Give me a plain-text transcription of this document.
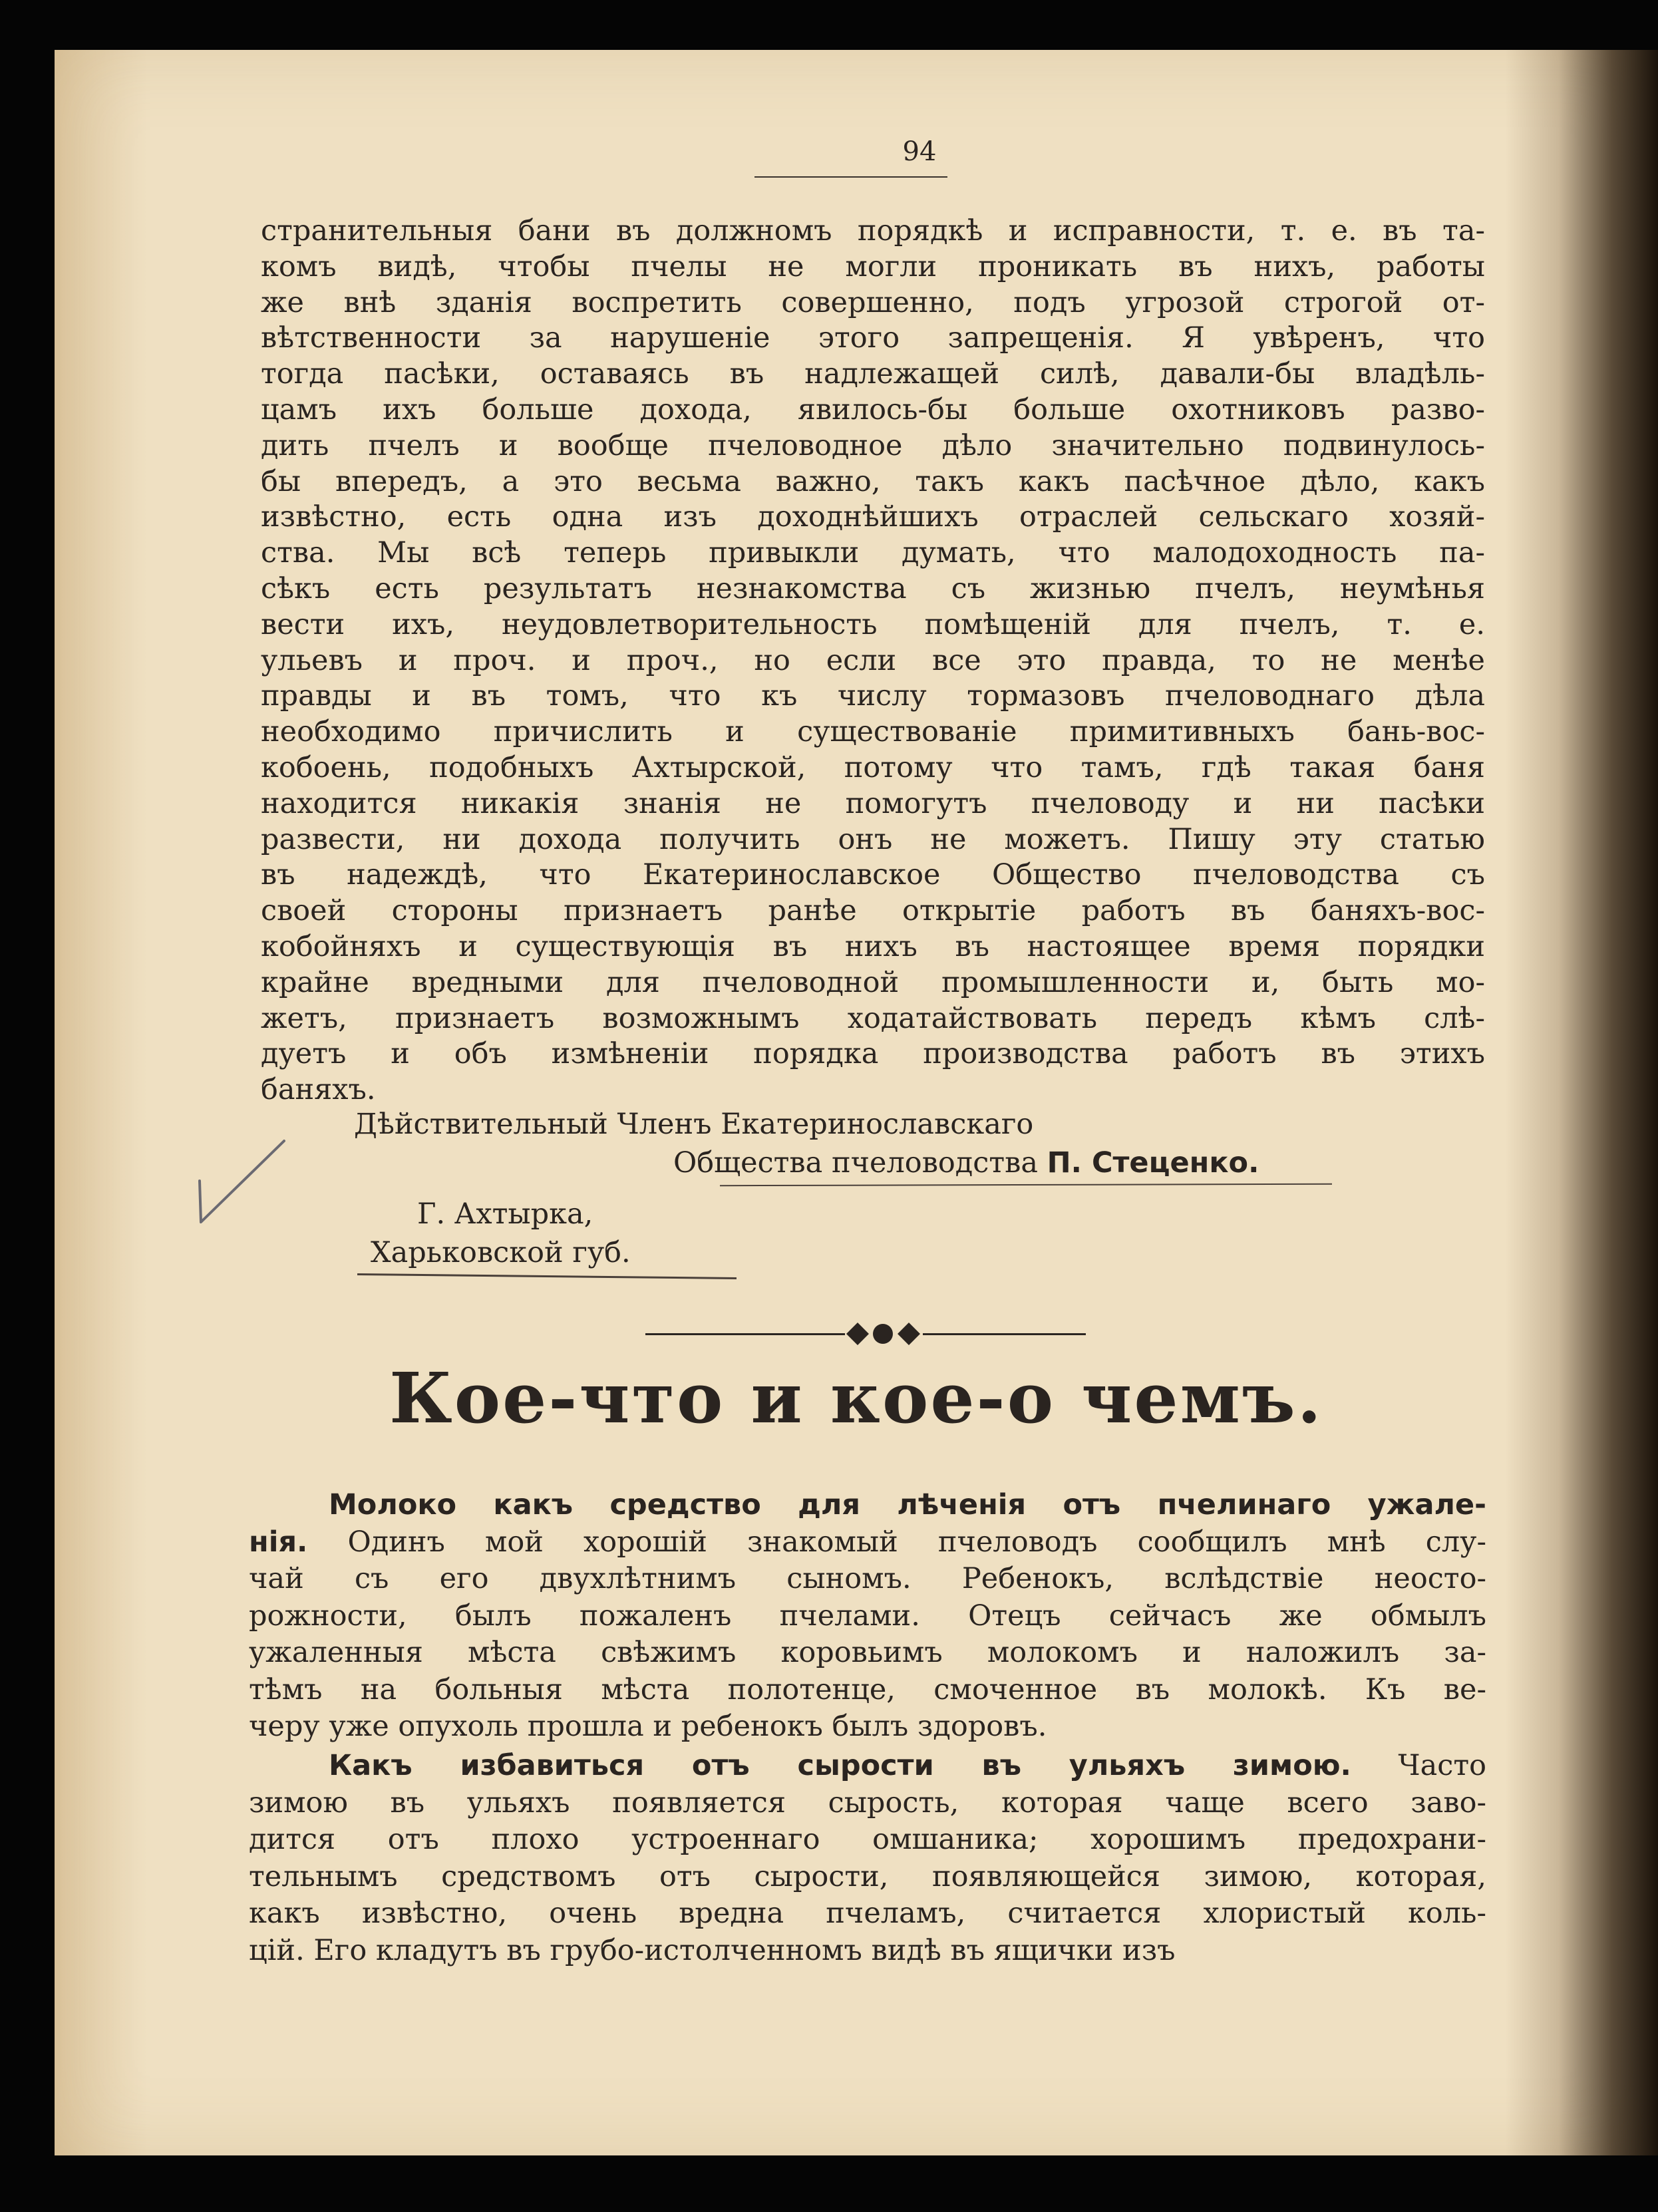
94
странительныя бани въ должномъ порядкѣ и исправности, т. е. въ та-
комъ видѣ, чтобы пчелы не могли проникать въ нихъ, работы
же внѣ зданія воспретить совершенно, подъ угрозой строгой от-
вѣтственности за нарушеніе этого запрещенія. Я увѣренъ, что
тогда пасѣки, оставаясь въ надлежащей силѣ, давали-бы владѣль-
цамъ ихъ больше дохода, явилось-бы больше охотниковъ разво-
дить пчелъ и вообще пчеловодное дѣло значительно подвинулось-
бы впередъ, а это весьма важно, такъ какъ пасѣчное дѣло, какъ
извѣстно, есть одна изъ доходнѣйшихъ отраслей сельскаго хозяй-
ства. Мы всѣ теперь привыкли думать, что малодоходность па-
сѣкъ есть результатъ незнакомства съ жизнью пчелъ, неумѣнья
вести ихъ, неудовлетворительность помѣщеній для пчелъ, т. е.
ульевъ и проч. и проч., но если все это правда, то не менѣе
правды и въ томъ, что къ числу тормазовъ пчеловоднаго дѣла
необходимо причислить и существованіе примитивныхъ бань-вос-
кобоень, подобныхъ Ахтырской, потому что тамъ, гдѣ такая баня
находится никакія знанія не помогутъ пчеловоду и ни пасѣки
развести, ни дохода получить онъ не можетъ. Пишу эту статью
въ надеждѣ, что Екатеринославское Общество пчеловодства съ
своей стороны признаетъ ранѣе открытіе работъ въ баняхъ-вос-
кобойняхъ и существующія въ нихъ въ настоящее время порядки
крайне вредными для пчеловодной промышленности и, быть мо-
жетъ, признаетъ возможнымъ ходатайствовать передъ кѣмъ слѣ-
дуетъ и объ измѣненіи порядка производства работъ въ этихъ
баняхъ.
Дѣйствительный Членъ Екатеринославскаго
Общества пчеловодства П. Стеценко.
Г. Ахтырка,
Харьковской губ.
Кое-что и кое-о чемъ.
Молоко какъ средство для лѣченія отъ пчелинаго ужале-
нія. Одинъ мой хорошій знакомый пчеловодъ сообщилъ мнѣ слу-
чай съ его двухлѣтнимъ сыномъ. Ребенокъ, вслѣдствіе неосто-
рожности, былъ пожаленъ пчелами. Отецъ сейчасъ же обмылъ
ужаленныя мѣста свѣжимъ коровьимъ молокомъ и наложилъ за-
тѣмъ на больныя мѣста полотенце, смоченное въ молокѣ. Къ ве-
черу уже опухоль прошла и ребенокъ былъ здоровъ.
Какъ избавиться отъ сырости въ ульяхъ зимою. Часто
зимою въ ульяхъ появляется сырость, которая чаще всего заво-
дится отъ плохо устроеннаго омшаника; хорошимъ предохрани-
тельнымъ средствомъ отъ сырости, появляющейся зимою, которая,
какъ извѣстно, очень вредна пчеламъ, считается хлористый коль-
цій. Его кладутъ въ грубо-истолченномъ видѣ въ ящички изъ
